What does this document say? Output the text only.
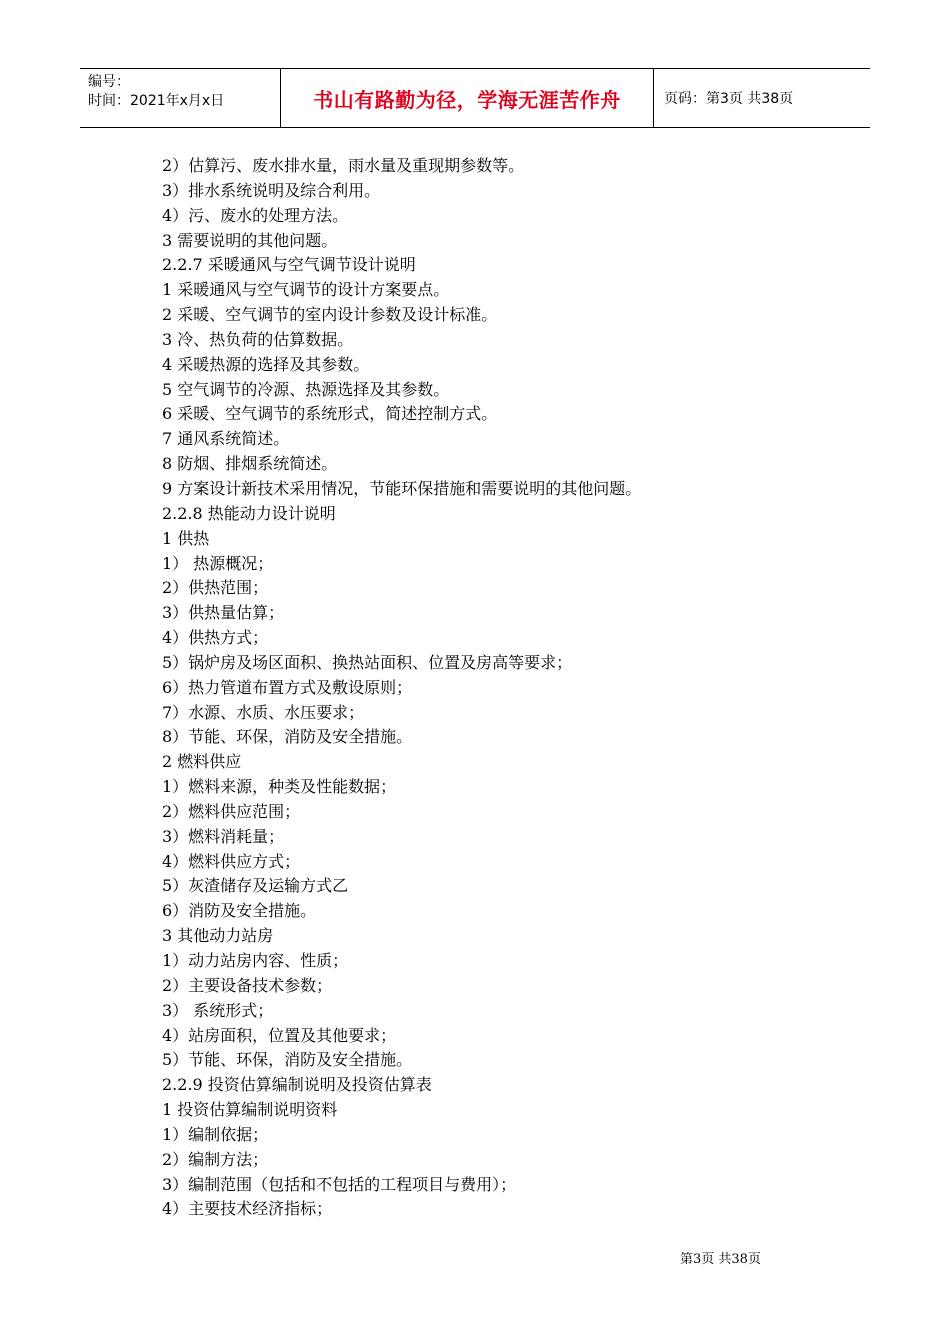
编号：
时间：2021年x月x日	书山有路勤为径，学海无涯苦作舟	页码：第3页 共38页
2）估算污、废水排水量，雨水量及重现期参数等。
3）排水系统说明及综合利用。
4）污、废水的处理方法。
3 需要说明的其他问题。
2.2.7 采暖通风与空气调节设计说明
1 采暖通风与空气调节的设计方案要点。
2 采暖、空气调节的室内设计参数及设计标准。
3 冷、热负荷的估算数据。
4 采暖热源的选择及其参数。
5 空气调节的冷源、热源选择及其参数。
6 采暖、空气调节的系统形式，简述控制方式。
7 通风系统简述。
8 防烟、排烟系统简述。
9 方案设计新技术采用情况，节能环保措施和需要说明的其他问题。
2.2.8 热能动力设计说明
1 供热
1） 热源概况；
2）供热范围；
3）供热量估算；
4）供热方式；
5）锅炉房及场区面积、换热站面积、位置及房高等要求；
6）热力管道布置方式及敷设原则；
7）水源、水质、水压要求；
8）节能、环保，消防及安全措施。
2 燃料供应
1）燃料来源，种类及性能数据；
2）燃料供应范围；
3）燃料消耗量；
4）燃料供应方式；
5）灰渣储存及运输方式乙
6）消防及安全措施。
3 其他动力站房
1）动力站房内容、性质；
2）主要设备技术参数；
3） 系统形式；
4）站房面积，位置及其他要求；
5）节能、环保，消防及安全措施。
2.2.9 投资估算编制说明及投资估算表
1 投资估算编制说明资料
1）编制依据；
2）编制方法；
3）编制范围（包括和不包括的工程项目与费用）；
4）主要技术经济指标；
第3页 共38页
